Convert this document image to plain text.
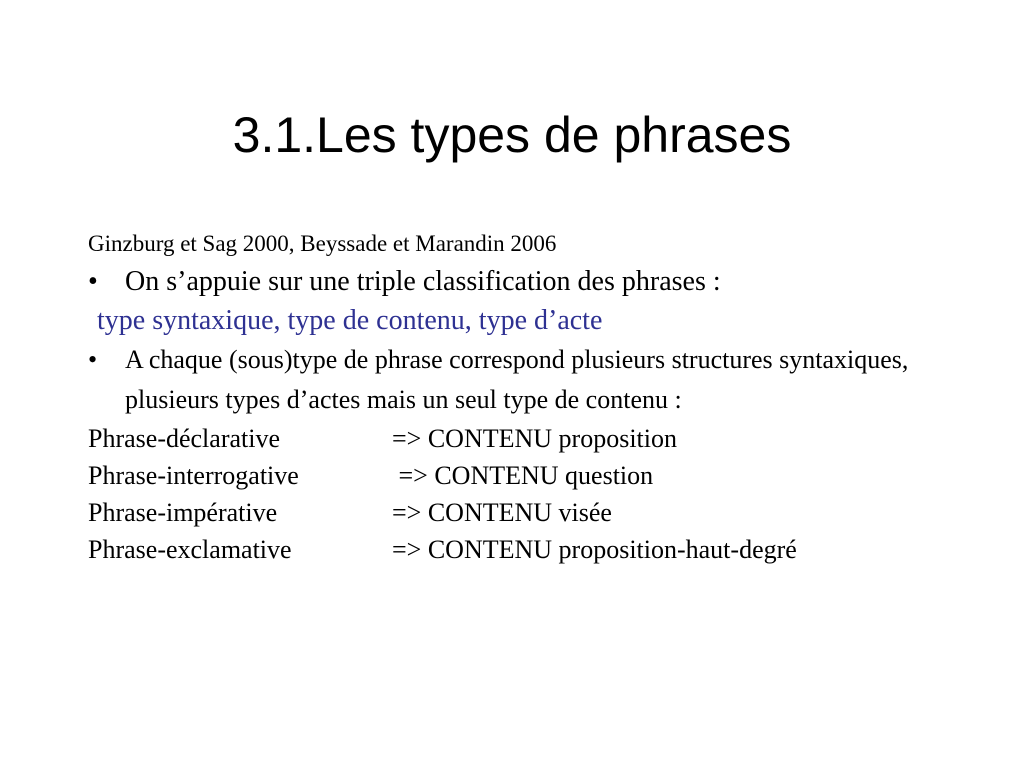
3.1.Les types de phrases

Ginzburg et Sag 2000, Beyssade et Marandin 2006

• On s’appuie sur une triple classification des phrases :

type syntaxique, type de contenu, type d’acte

• A chaque (sous)type de phrase correspond plusieurs structures syntaxiques, plusieurs types d’actes mais un seul type de contenu :

Phrase-déclarative	=> CONTENU proposition
Phrase-interrogative	=> CONTENU question
Phrase-impérative	=> CONTENU visée
Phrase-exclamative	=> CONTENU proposition-haut-degré
